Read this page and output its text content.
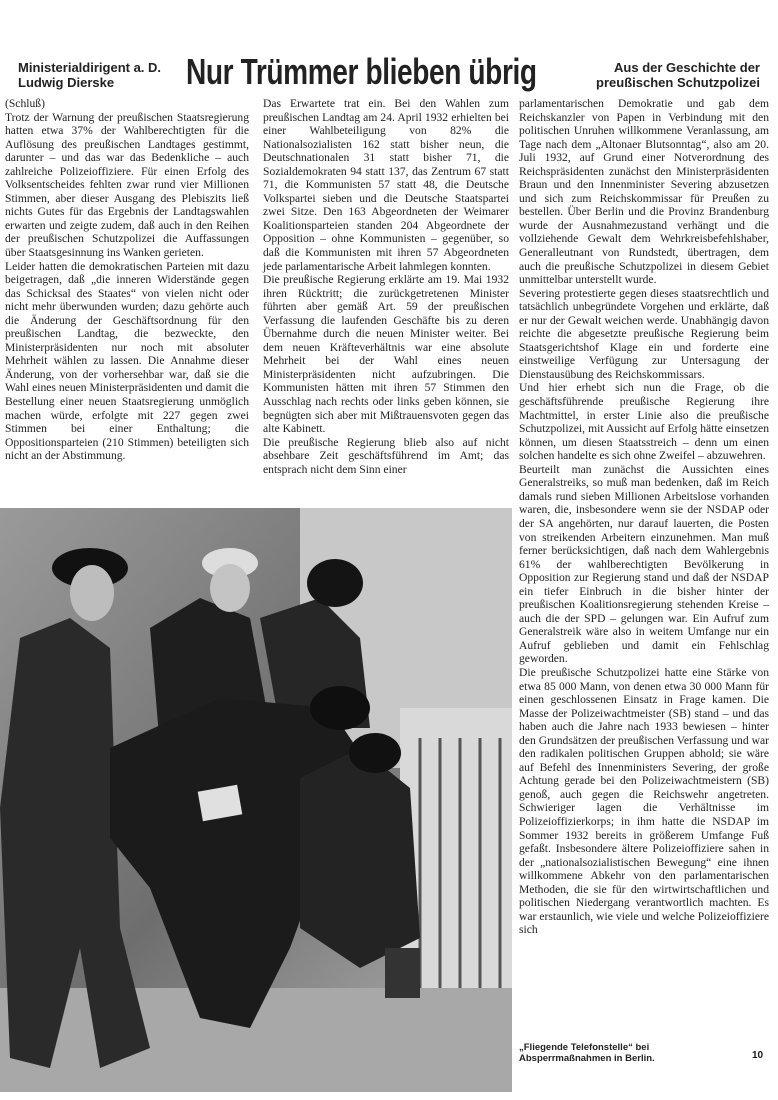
Ministerialdirigent a. D.
Ludwig Dierske	Nur Trümmer blieben übrig	Aus der Geschichte der
preußischen Schutzpolizei

(Schluß)

Trotz der Warnung der preußischen Staatsregierung hatten etwa 37% der Wahlberechtigten für die Auflösung des preußischen Landtages gestimmt, darunter – und das war das Bedenkliche – auch zahlreiche Polizeioffiziere. Für einen Erfolg des Volksentscheides fehlten zwar rund vier Millionen Stimmen, aber dieser Ausgang des Plebiszits ließ nichts Gutes für das Ergebnis der Landtagswahlen erwarten und zeigte zudem, daß auch in den Reihen der preußischen Schutzpolizei die Auffassungen über Staatsgesinnung ins Wanken gerieten.

Leider hatten die demokratischen Parteien mit dazu beigetragen, daß „die inneren Widerstände gegen das Schicksal des Staates“ von vielen nicht oder nicht mehr überwunden wurden; dazu gehörte auch die Änderung der Geschäftsordnung für den preußischen Landtag, die bezweckte, den Ministerpräsidenten nur noch mit absoluter Mehrheit wählen zu lassen. Die Annahme dieser Änderung, von der vorhersehbar war, daß sie die Wahl eines neuen Ministerpräsidenten und damit die Bestellung einer neuen Staatsregierung unmöglich machen würde, erfolgte mit 227 gegen zwei Stimmen bei einer Enthaltung; die Oppositionsparteien (210 Stimmen) beteiligten sich nicht an der Abstimmung.

Das Erwartete trat ein. Bei den Wahlen zum preußischen Landtag am 24. April 1932 erhielten bei einer Wahlbeteiligung von 82% die Nationalsozialisten 162 statt bisher neun, die Deutschnationalen 31 statt bisher 71, die Sozialdemokraten 94 statt 137, das Zentrum 67 statt 71, die Kommunisten 57 statt 48, die Deutsche Volkspartei sieben und die Deutsche Staatspartei zwei Sitze. Den 163 Abgeordneten der Weimarer Koalitionsparteien standen 204 Abgeordnete der Opposition – ohne Kommunisten – gegenüber, so daß die Kommunisten mit ihren 57 Abgeordneten jede parlamentarische Arbeit lahmlegen konnten.

Die preußische Regierung erklärte am 19. Mai 1932 ihren Rücktritt; die zurückgetretenen Minister führten aber gemäß Art. 59 der preußischen Verfassung die laufenden Geschäfte bis zu deren Übernahme durch die neuen Minister weiter. Bei dem neuen Kräfteverhältnis war eine absolute Mehrheit bei der Wahl eines neuen Ministerpräsidenten nicht aufzubringen. Die Kommunisten hätten mit ihren 57 Stimmen den Ausschlag nach rechts oder links geben können, sie begnügten sich aber mit Mißtrauensvoten gegen das alte Kabinett.

Die preußische Regierung blieb also auf nicht absehbare Zeit geschäftsführend im Amt; das entsprach nicht dem Sinn einer

parlamentarischen Demokratie und gab dem Reichskanzler von Papen in Verbindung mit den politischen Unruhen willkommene Veranlassung, am Tage nach dem „Altonaer Blutsonntag“, also am 20. Juli 1932, auf Grund einer Notverordnung des Reichspräsidenten zunächst den Ministerpräsidenten Braun und den Innenminister Severing abzusetzen und sich zum Reichskommissar für Preußen zu bestellen. Über Berlin und die Provinz Brandenburg wurde der Ausnahmezustand verhängt und die vollziehende Gewalt dem Wehrkreisbefehlshaber, Generalleutnant von Rundstedt, übertragen, dem auch die preußische Schutzpolizei in diesem Gebiet unmittelbar unterstellt wurde.

Severing protestierte gegen dieses staatsrechtlich und tatsächlich unbegründete Vorgehen und erklärte, daß er nur der Gewalt weichen werde. Unabhängig davon reichte die abgesetzte preußische Regierung beim Staatsgerichtshof Klage ein und forderte eine einstweilige Verfügung zur Untersagung der Dienstausübung des Reichskommissars.

Und hier erhebt sich nun die Frage, ob die geschäftsführende preußische Regierung ihre Machtmittel, in erster Linie also die preußische Schutzpolizei, mit Aussicht auf Erfolg hätte einsetzen können, um diesen Staatsstreich – denn um einen solchen handelte es sich ohne Zweifel – abzuwehren.

Beurteilt man zunächst die Aussichten eines Generalstreiks, so muß man bedenken, daß im Reich damals rund sieben Millionen Arbeitslose vorhanden waren, die, insbesondere wenn sie der NSDAP oder der SA angehörten, nur darauf lauerten, die Posten von streikenden Arbeitern einzunehmen. Man muß ferner berücksichtigen, daß nach dem Wahlergebnis 61% der wahlberechtigten Bevölkerung in Opposition zur Regierung stand und daß der NSDAP ein tiefer Einbruch in die bisher hinter der preußischen Koalitionsregierung stehenden Kreise – auch die der SPD – gelungen war. Ein Aufruf zum Generalstreik wäre also in weitem Umfange nur ein Aufruf geblieben und damit ein Fehlschlag geworden.

Die preußische Schutzpolizei hatte eine Stärke von etwa 85 000 Mann, von denen etwa 30 000 Mann für einen geschlossenen Einsatz in Frage kamen. Die Masse der Polizeiwachtmeister (SB) stand – und das haben auch die Jahre nach 1933 bewiesen – hinter den Grundsätzen der preußischen Verfassung und war den radikalen politischen Gruppen abhold; sie wäre auf Befehl des Innenministers Severing, der große Achtung gerade bei den Polizeiwachtmeistern (SB) genoß, auch gegen die Reichswehr angetreten. Schwieriger lagen die Verhältnisse im Polizeioffizierkorps; in ihm hatte die NSDAP im Sommer 1932 bereits in größerem Umfange Fuß gefaßt. Insbesondere ältere Polizeioffiziere sahen in der „nationalsozialistischen Bewegung“ eine ihnen willkommene Abkehr von den parlamentarischen Methoden, die sie für den wirtwirtschaftlichen und politischen Niedergang verantwortlich machten. Es war erstaunlich, wie viele und welche Polizeioffiziere sich

„Fliegende Telefonstelle“ bei Absperrmaßnahmen in Berlin.	10
